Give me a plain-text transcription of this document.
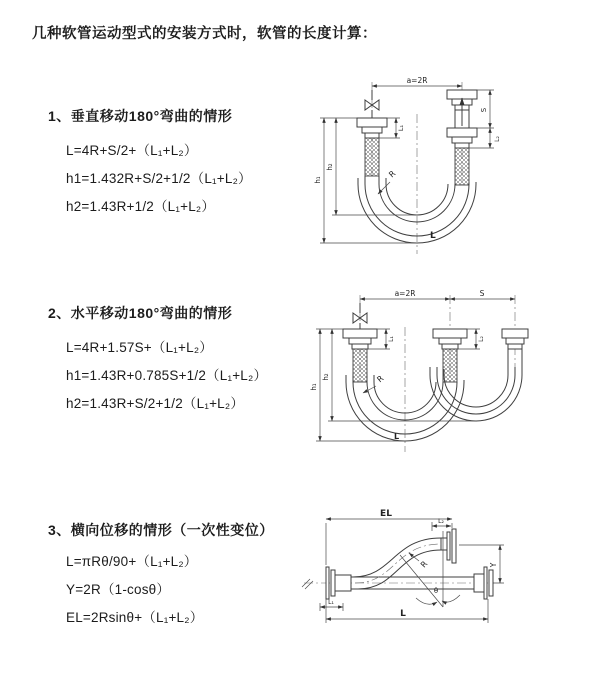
几种软管运动型式的安装方式时，软管的长度计算：
1、垂直移动180°弯曲的情形
L=4R+S/2+（L₁+L₂）
h1=1.432R+S/2+1/2（L₁+L₂）
h2=1.43R+1/2（L₁+L₂）
2、水平移动180°弯曲的情形
L=4R+1.57S+（L₁+L₂）
h1=1.43R+0.785S+1/2（L₁+L₂）
h2=1.43R+S/2+1/2（L₁+L₂）
3、横向位移的情形（一次性变位）
L=πRθ/90+（L₁+L₂）
Y=2R（1-cosθ）
EL=2Rsinθ+（L₁+L₂）
a=2R
h₁
h₂
L₁
S
L₂
R
L
a=2R	S
h₁
h₂
L₁	L₂
R
L
EL
L₂
Y
θ
R
L
L₁
